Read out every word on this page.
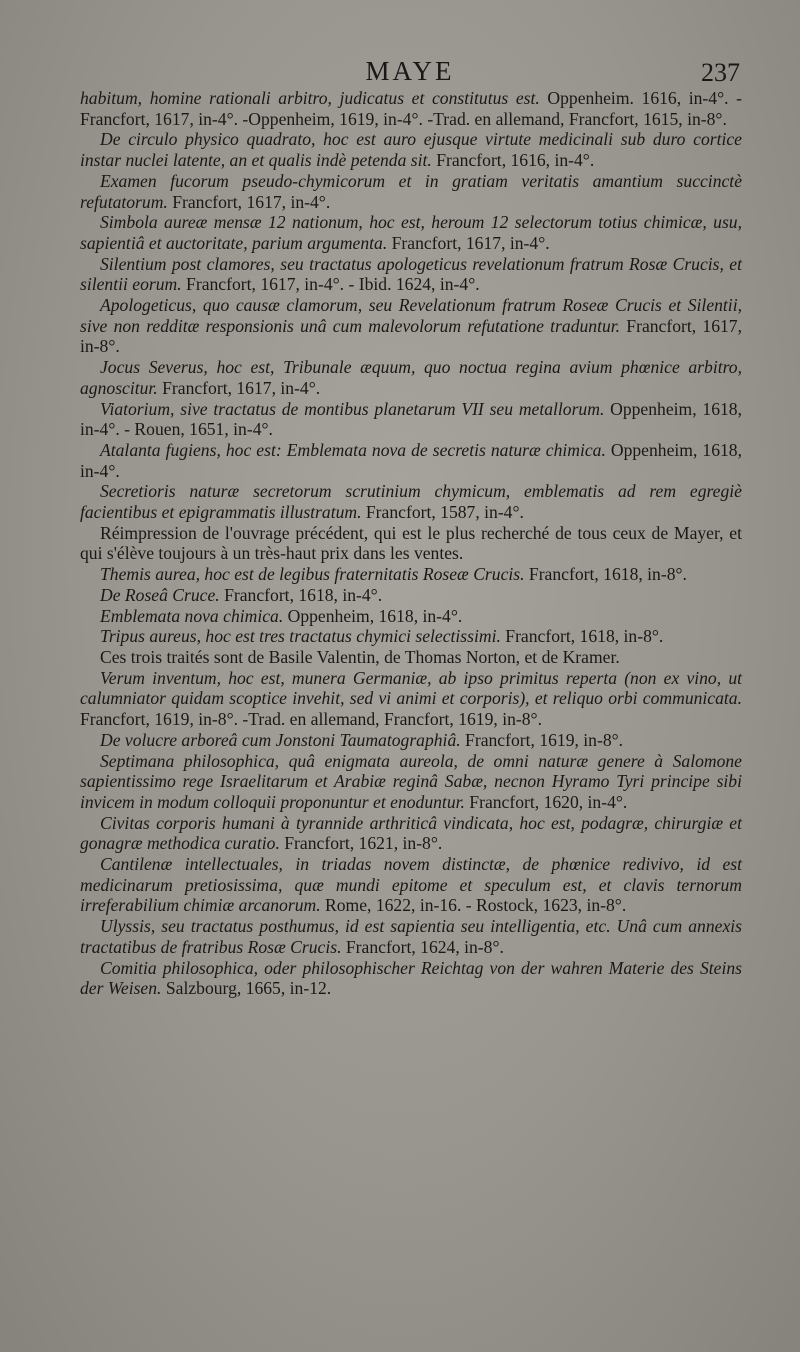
MAYE	237

habitum, homine rationali arbitro, judicatus et constitutus est. Oppenheim. 1616, in-4°. - Francfort, 1617, in-4°. -Oppenheim, 1619, in-4°. -Trad. en allemand, Francfort, 1615, in-8°.

De circulo physico quadrato, hoc est auro ejusque virtute medicinali sub duro cortice instar nuclei latente, an et qualis indè petenda sit. Francfort, 1616, in-4°.

Examen fucorum pseudo-chymicorum et in gratiam veritatis amantium succinctè refutatorum. Francfort, 1617, in-4°.

Simbola aureæ mensæ 12 nationum, hoc est, heroum 12 selectorum totius chimicæ, usu, sapientiâ et auctoritate, parium argumenta. Francfort, 1617, in-4°.

Silentium post clamores, seu tractatus apologeticus revelationum fratrum Rosæ Crucis, et silentii eorum. Francfort, 1617, in-4°. - Ibid. 1624, in-4°.

Apologeticus, quo causæ clamorum, seu Revelationum fratrum Roseæ Crucis et Silentii, sive non redditæ responsionis unâ cum malevolorum refutatione traduntur. Francfort, 1617, in-8°.

Jocus Severus, hoc est, Tribunale æquum, quo noctua regina avium phœnice arbitro, agnoscitur. Francfort, 1617, in-4°.

Viatorium, sive tractatus de montibus planetarum VII seu metallorum. Oppenheim, 1618, in-4°. - Rouen, 1651, in-4°.

Atalanta fugiens, hoc est: Emblemata nova de secretis naturæ chimica. Oppenheim, 1618, in-4°.

Secretioris naturæ secretorum scrutinium chymicum, emblematis ad rem egregiè facientibus et epigrammatis illustratum. Francfort, 1587, in-4°.

Réimpression de l'ouvrage précédent, qui est le plus recherché de tous ceux de Mayer, et qui s'élève toujours à un très-haut prix dans les ventes.

Themis aurea, hoc est de legibus fraternitatis Roseæ Crucis. Francfort, 1618, in-8°.

De Roseâ Cruce. Francfort, 1618, in-4°.

Emblemata nova chimica. Oppenheim, 1618, in-4°.

Tripus aureus, hoc est tres tractatus chymici selectissimi. Francfort, 1618, in-8°.

Ces trois traités sont de Basile Valentin, de Thomas Norton, et de Kramer.

Verum inventum, hoc est, munera Germaniæ, ab ipso primitus reperta (non ex vino, ut calumniator quidam scoptice invehit, sed vi animi et corporis), et reliquo orbi communicata. Francfort, 1619, in-8°. -Trad. en allemand, Francfort, 1619, in-8°.

De volucre arboreâ cum Jonstoni Taumatographiâ. Francfort, 1619, in-8°.

Septimana philosophica, quâ enigmata aureola, de omni naturæ genere à Salomone sapientissimo rege Israelitarum et Arabiæ reginâ Sabæ, necnon Hyramo Tyri principe sibi invicem in modum colloquii proponuntur et enoduntur. Francfort, 1620, in-4°.

Civitas corporis humani à tyrannide arthriticâ vindicata, hoc est, podagræ, chirurgiæ et gonagræ methodica curatio. Francfort, 1621, in-8°.

Cantilenæ intellectuales, in triadas novem distinctæ, de phœnice redivivo, id est medicinarum pretiosissima, quæ mundi epitome et speculum est, et clavis ternorum irreferabilium chimiæ arcanorum. Rome, 1622, in-16. - Rostock, 1623, in-8°.

Ulyssis, seu tractatus posthumus, id est sapientia seu intelligentia, etc. Unâ cum annexis tractatibus de fratribus Rosæ Crucis. Francfort, 1624, in-8°.

Comitia philosophica, oder philosophischer Reichtag von der wahren Materie des Steins der Weisen. Salzbourg, 1665, in-12.
